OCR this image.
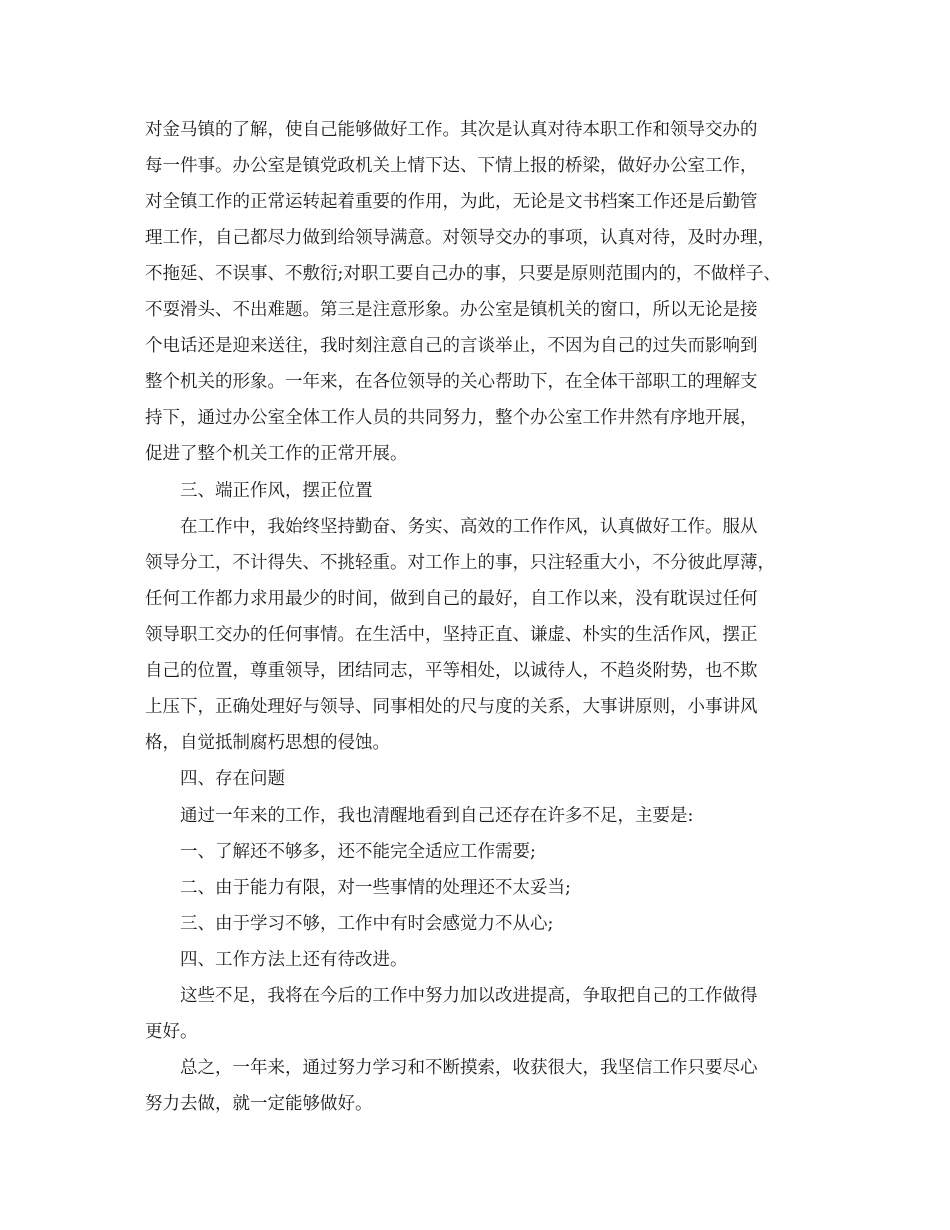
对金马镇的了解，使自己能够做好工作。其次是认真对待本职工作和领导交办的
每一件事。办公室是镇党政机关上情下达、下情上报的桥梁，做好办公室工作，
对全镇工作的正常运转起着重要的作用，为此，无论是文书档案工作还是后勤管
理工作，自己都尽力做到给领导满意。对领导交办的事项，认真对待，及时办理，
不拖延、不误事、不敷衍;对职工要自己办的事，只要是原则范围内的，不做样子、
不耍滑头、不出难题。第三是注意形象。办公室是镇机关的窗口，所以无论是接
个电话还是迎来送往，我时刻注意自己的言谈举止，不因为自己的过失而影响到
整个机关的形象。一年来，在各位领导的关心帮助下，在全体干部职工的理解支
持下，通过办公室全体工作人员的共同努力，整个办公室工作井然有序地开展，
促进了整个机关工作的正常开展。
三、端正作风，摆正位置
在工作中，我始终坚持勤奋、务实、高效的工作作风，认真做好工作。服从
领导分工，不计得失、不挑轻重。对工作上的事，只注轻重大小，不分彼此厚薄，
任何工作都力求用最少的时间，做到自己的最好，自工作以来，没有耽误过任何
领导职工交办的任何事情。在生活中，坚持正直、谦虚、朴实的生活作风，摆正
自己的位置，尊重领导，团结同志，平等相处，以诚待人，不趋炎附势，也不欺
上压下，正确处理好与领导、同事相处的尺与度的关系，大事讲原则，小事讲风
格，自觉抵制腐朽思想的侵蚀。
四、存在问题
通过一年来的工作，我也清醒地看到自己还存在许多不足，主要是:
一、了解还不够多，还不能完全适应工作需要;
二、由于能力有限，对一些事情的处理还不太妥当;
三、由于学习不够，工作中有时会感觉力不从心;
四、工作方法上还有待改进。
这些不足，我将在今后的工作中努力加以改进提高，争取把自己的工作做得
更好。
总之，一年来，通过努力学习和不断摸索，收获很大，我坚信工作只要尽心
努力去做，就一定能够做好。
